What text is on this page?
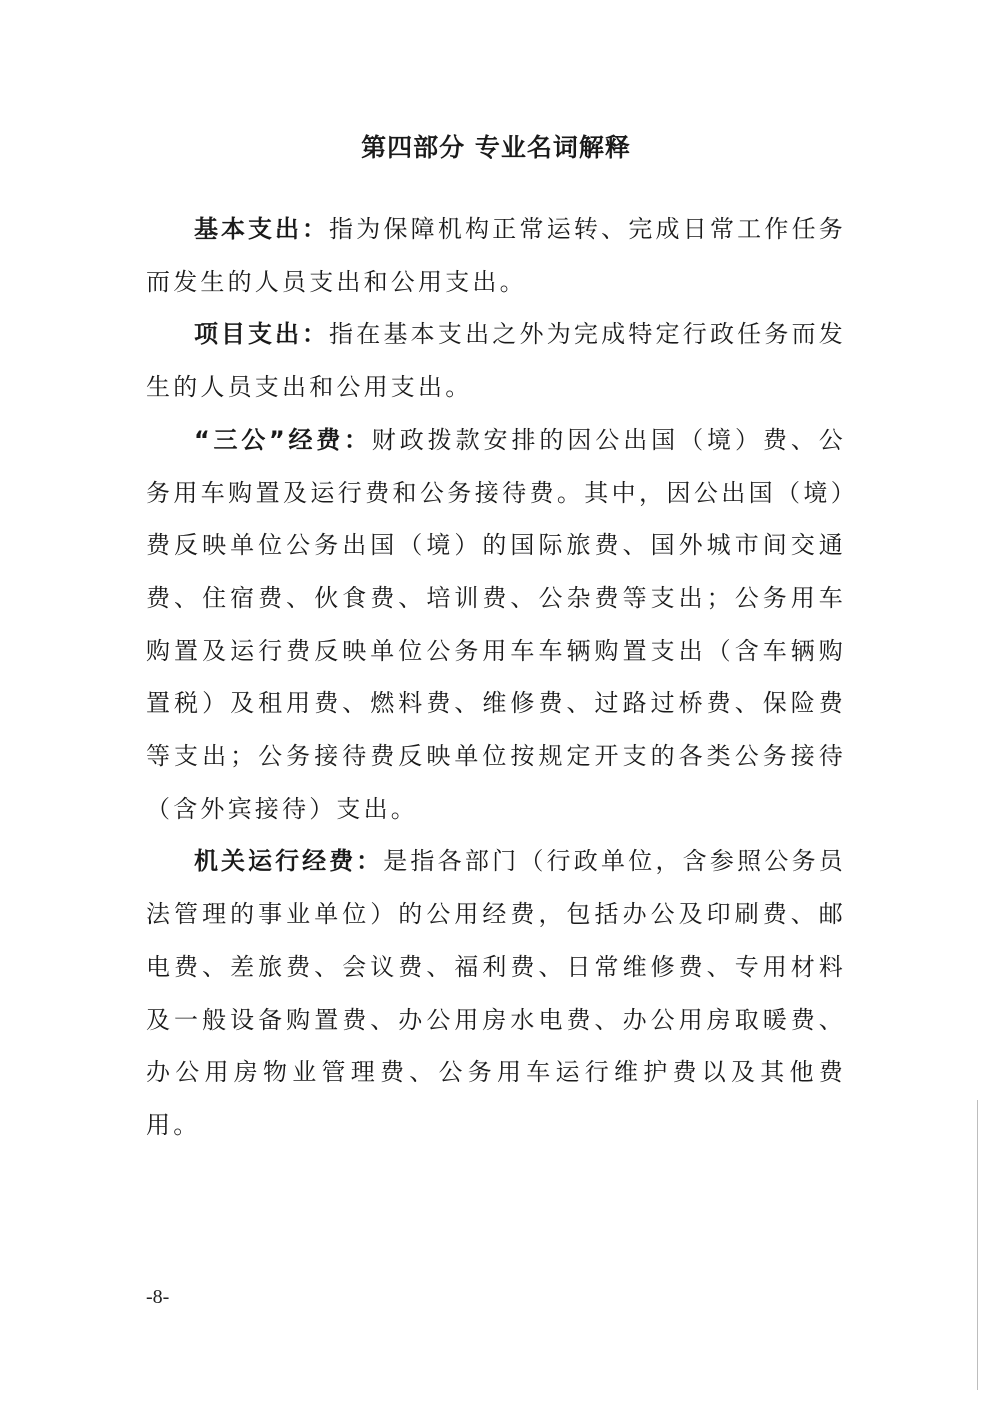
第四部分 专业名词解释

基本支出：指为保障机构正常运转、完成日常工作任务而发生的人员支出和公用支出。

项目支出：指在基本支出之外为完成特定行政任务而发生的人员支出和公用支出。

“三公”经费：财政拨款安排的因公出国（境）费、公务用车购置及运行费和公务接待费。其中，因公出国（境）费反映单位公务出国（境）的国际旅费、国外城市间交通费、住宿费、伙食费、培训费、公杂费等支出；公务用车购置及运行费反映单位公务用车车辆购置支出（含车辆购置税）及租用费、燃料费、维修费、过路过桥费、保险费等支出；公务接待费反映单位按规定开支的各类公务接待（含外宾接待）支出。

机关运行经费：是指各部门（行政单位，含参照公务员法管理的事业单位）的公用经费，包括办公及印刷费、邮电费、差旅费、会议费、福利费、日常维修费、专用材料及一般设备购置费、办公用房水电费、办公用房取暖费、办公用房物业管理费、公务用车运行维护费以及其他费用。

-8-
